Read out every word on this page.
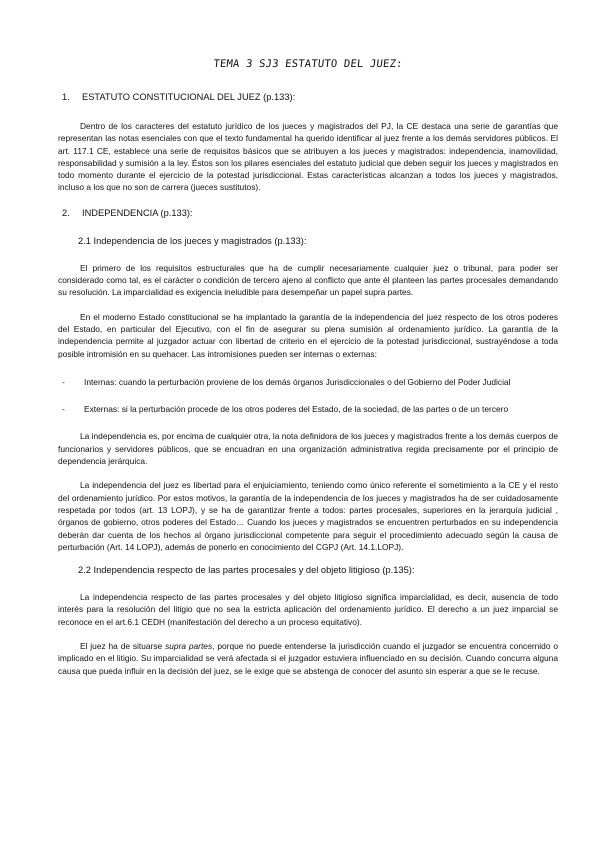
TEMA 3 SJ3 ESTATUTO DEL JUEZ:
1. ESTATUTO CONSTITUCIONAL DEL JUEZ (p.133):

Dentro de los caracteres del estatuto jurídico de los jueces y magistrados del PJ, la CE destaca una serie de garantías que representan las notas esenciales con que el texto fundamental ha querido identificar al juez frente a los demás servidores públicos. El art. 117.1 CE, establece una serie de requisitos básicos que se atribuyen a los jueces y magistrados: independencia, inamovilidad, responsabilidad y sumisión a la ley. Éstos son los pilares esenciales del estatuto judicial que deben seguir los jueces y magistrados en todo momento durante el ejercicio de la potestad jurisdiccional. Estas características alcanzan a todos los jueces y magistrados, incluso a los que no son de carrera (jueces sustitutos).

2. INDEPENDENCIA (p.133):
2.1 Independencia de los jueces y magistrados (p.133):

El primero de los requisitos estructurales que ha de cumplir necesariamente cualquier juez o tribunal, para poder ser considerado como tal, es el carácter o condición de tercero ajeno al conflicto que ante él planteen las partes procesales demandando su resolución. La imparcialidad es exigencia ineludible para desempeñar un papel supra partes.

En el moderno Estado constitucional se ha implantado la garantía de la independencia del juez respecto de los otros poderes del Estado, en particular del Ejecutivo, con el fin de asegurar su plena sumisión al ordenamiento jurídico. La garantía de la independencia permite al juzgador actuar con libertad de criterio en el ejercicio de la potestad jurisdiccional, sustrayéndose a toda posible intromisión en su quehacer. Las intromisiones pueden ser internas o externas:

-	Internas: cuando la perturbación proviene de los demás órganos Jurisdiccionales o del Gobierno del Poder Judicial
-	Externas: si la perturbación procede de los otros poderes del Estado, de la sociedad, de las partes o de un tercero

La independencia es, por encima de cualquier otra, la nota definidora de los jueces y magistrados frente a los demás cuerpos de funcionarios y servidores públicos, que se encuadran en una organización administrativa regida precisamente por el principio de dependencia jerárquica.

La independencia del juez es libertad para el enjuiciamiento, teniendo como único referente el sometimiento a la CE y el resto del ordenamiento jurídico. Por estos motivos, la garantía de la independencia de los jueces y magistrados ha de ser cuidadosamente respetada por todos (art. 13 LOPJ), y se ha de garantizar frente a todos: partes procesales, superiores en la jerarquía judicial , órganos de gobierno, otros poderes del Estado… Cuando los jueces y magistrados se encuentren perturbados en su independencia deberán dar cuenta de los hechos al órgano jurisdiccional competente para seguir el procedimiento adecuado según la causa de perturbación (Art. 14 LOPJ), además de ponerlo en conocimiento del CGPJ (Art. 14.1.LOPJ).

2.2 Independencia respecto de las partes procesales y del objeto litigioso (p.135):

La independencia respecto de las partes procesales y del objeto litigioso significa imparcialidad, es decir, ausencia de todo interés para la resolución del litigio que no sea la estricta aplicación del ordenamiento jurídico. El derecho a un juez imparcial se reconoce en el art.6.1 CEDH (manifestación del derecho a un proceso equitativo).

El juez ha de situarse supra partes, porque no puede entenderse la jurisdicción cuando el juzgador se encuentra concernido o implicado en el litigio. Su imparcialidad se verá afectada si el juzgador estuviera influenciado en su decisión. Cuando concurra alguna causa que pueda influir en la decisión del juez, se le exige que se abstenga de conocer del asunto sin esperar a que se le recuse.
